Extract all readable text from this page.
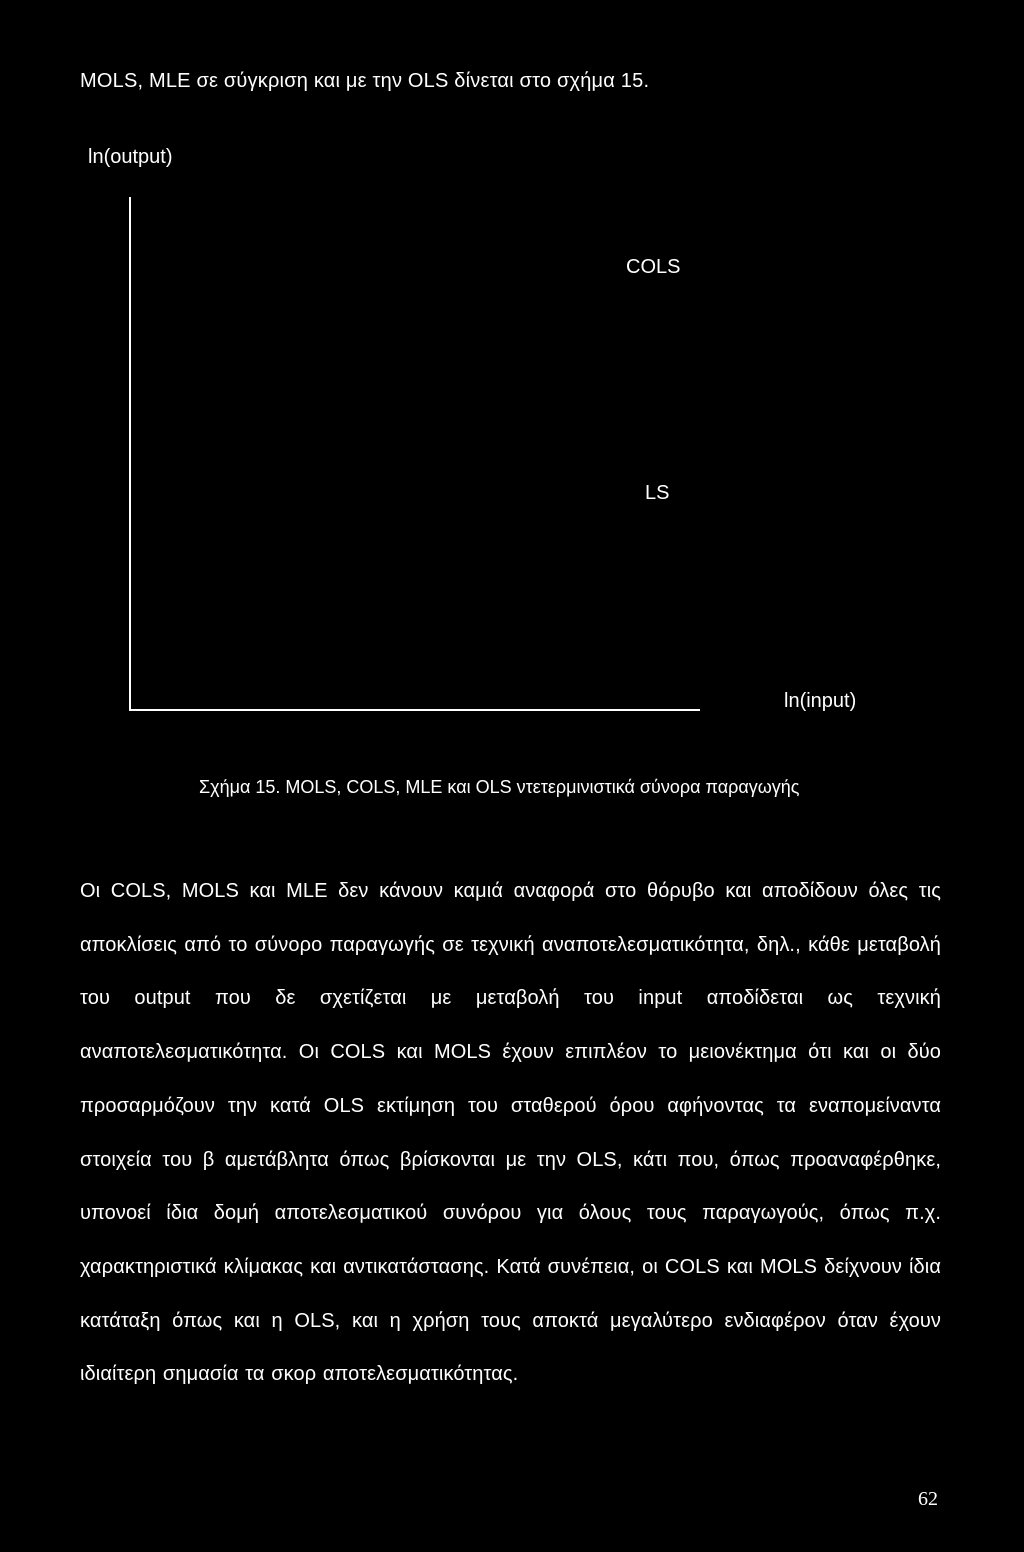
MOLS, MLE σε σύγκριση και με την OLS δίνεται στο σχήμα 15.
ln(output)
COLS
LS
ln(input)
Σχήμα 15. MOLS, COLS, MLE και OLS ντετερμινιστικά σύνορα παραγωγής
Οι COLS, MOLS και MLE δεν κάνουν καμιά αναφορά στο θόρυβο και αποδίδουν όλες τις αποκλίσεις από το σύνορο παραγωγής σε τεχνική αναποτελεσματικότητα, δηλ., κάθε μεταβολή του output που δε σχετίζεται με μεταβολή του input αποδίδεται ως τεχνική αναποτελεσματικότητα. Οι COLS και MOLS έχουν επιπλέον το μειονέκτημα ότι και οι δύο προσαρμόζουν την κατά OLS εκτίμηση του σταθερού όρου αφήνοντας τα εναπομείναντα στοιχεία του β αμετάβλητα όπως βρίσκονται με την OLS, κάτι που, όπως προαναφέρθηκε, υπονοεί ίδια δομή αποτελεσματικού συνόρου για όλους τους παραγωγούς, όπως π.χ. χαρακτηριστικά κλίμακας και αντικατάστασης. Κατά συνέπεια, οι COLS και MOLS δείχνουν ίδια κατάταξη όπως και η OLS, και η χρήση τους αποκτά μεγαλύτερο ενδιαφέρον όταν έχουν ιδιαίτερη σημασία τα σκορ αποτελεσματικότητας.
62
